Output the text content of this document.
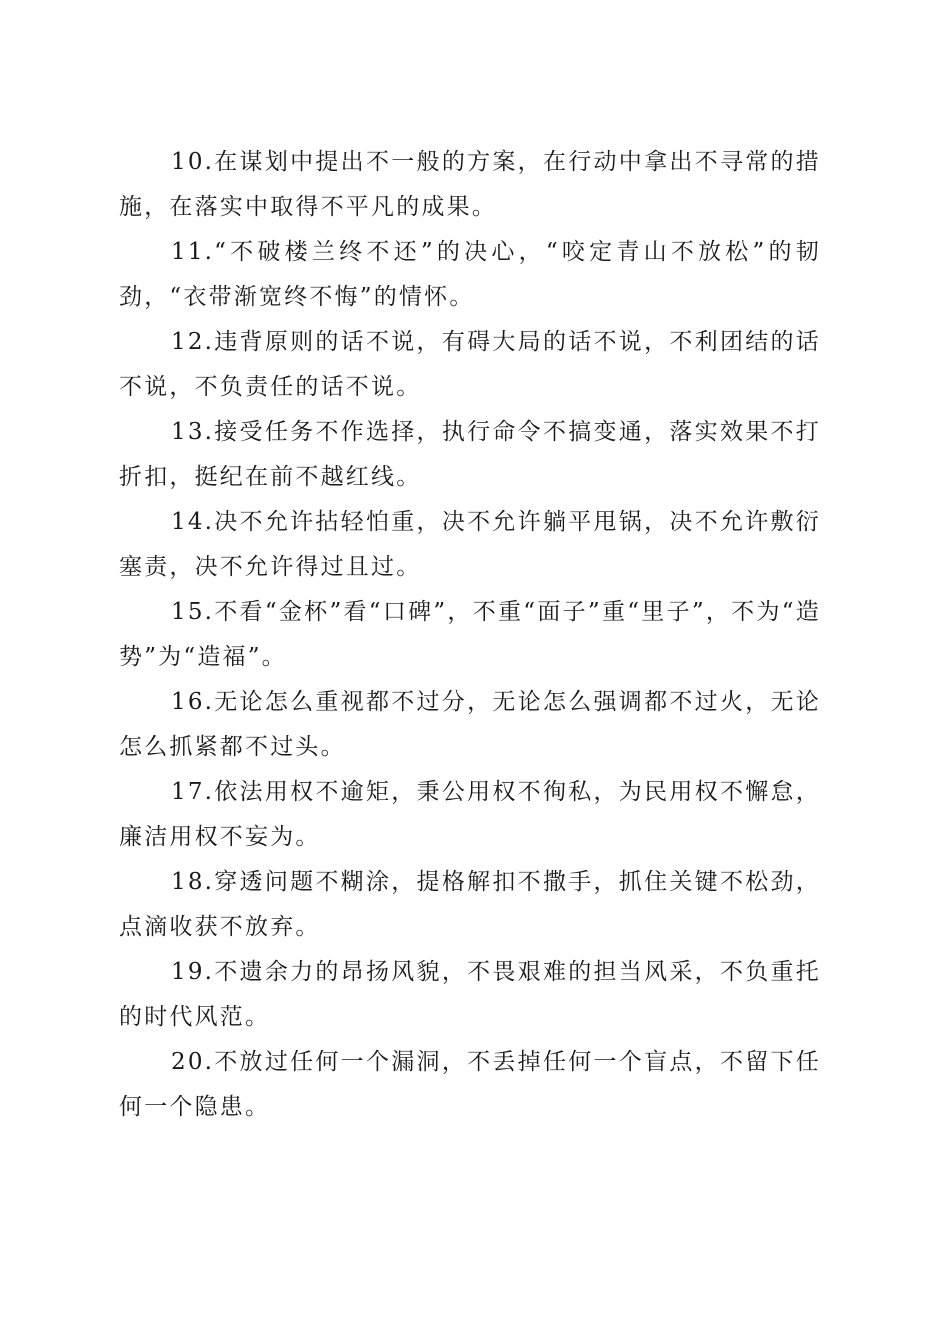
10.在谋划中提出不一般的方案，在行动中拿出不寻常的措施，在落实中取得不平凡的成果。

11.“不破楼兰终不还”的决心，“咬定青山不放松”的韧劲，“衣带渐宽终不悔”的情怀。

12.违背原则的话不说，有碍大局的话不说，不利团结的话不说，不负责任的话不说。

13.接受任务不作选择，执行命令不搞变通，落实效果不打折扣，挺纪在前不越红线。

14.决不允许拈轻怕重，决不允许躺平甩锅，决不允许敷衍塞责，决不允许得过且过。

15.不看“金杯”看“口碑”，不重“面子”重“里子”，不为“造势”为“造福”。

16.无论怎么重视都不过分，无论怎么强调都不过火，无论怎么抓紧都不过头。

17.依法用权不逾矩，秉公用权不徇私，为民用权不懈怠，廉洁用权不妄为。

18.穿透问题不糊涂，提格解扣不撒手，抓住关键不松劲，点滴收获不放弃。

19.不遗余力的昂扬风貌，不畏艰难的担当风采，不负重托的时代风范。

20.不放过任何一个漏洞，不丢掉任何一个盲点，不留下任何一个隐患。
